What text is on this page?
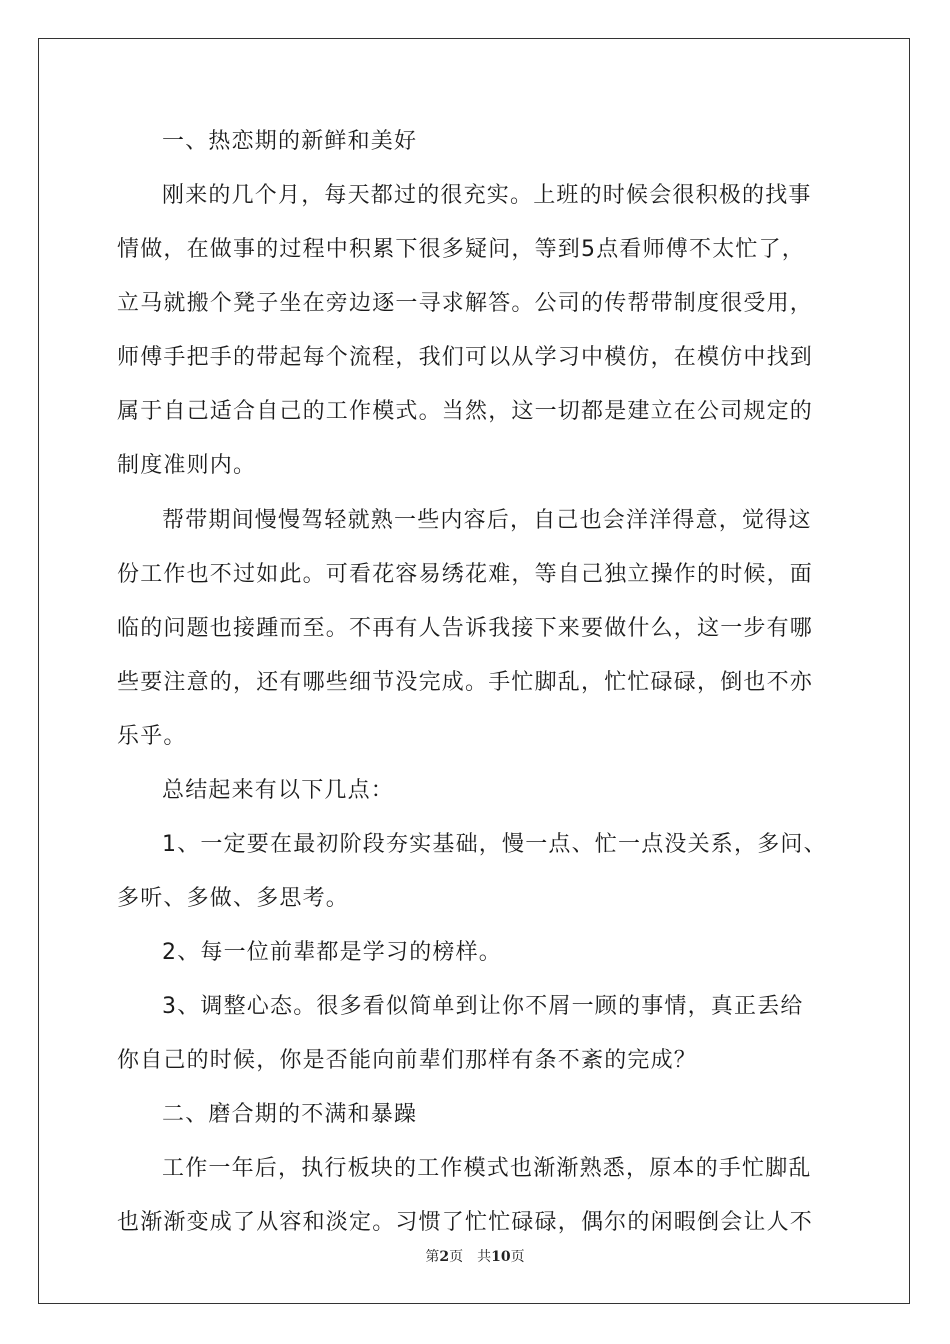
一、热恋期的新鲜和美好
刚来的几个月，每天都过的很充实。上班的时候会很积极的找事
情做，在做事的过程中积累下很多疑问，等到5点看师傅不太忙了，
立马就搬个凳子坐在旁边逐一寻求解答。公司的传帮带制度很受用，
师傅手把手的带起每个流程，我们可以从学习中模仿，在模仿中找到
属于自己适合自己的工作模式。当然，这一切都是建立在公司规定的
制度准则内。
帮带期间慢慢驾轻就熟一些内容后，自己也会洋洋得意，觉得这
份工作也不过如此。可看花容易绣花难，等自己独立操作的时候，面
临的问题也接踵而至。不再有人告诉我接下来要做什么，这一步有哪
些要注意的，还有哪些细节没完成。手忙脚乱，忙忙碌碌，倒也不亦
乐乎。
总结起来有以下几点：
1、一定要在最初阶段夯实基础，慢一点、忙一点没关系，多问、
多听、多做、多思考。
2、每一位前辈都是学习的榜样。
3、调整心态。很多看似简单到让你不屑一顾的事情，真正丢给
你自己的时候，你是否能向前辈们那样有条不紊的完成？
二、磨合期的不满和暴躁
工作一年后，执行板块的工作模式也渐渐熟悉，原本的手忙脚乱
也渐渐变成了从容和淡定。习惯了忙忙碌碌，偶尔的闲暇倒会让人不
第2页 共10页
